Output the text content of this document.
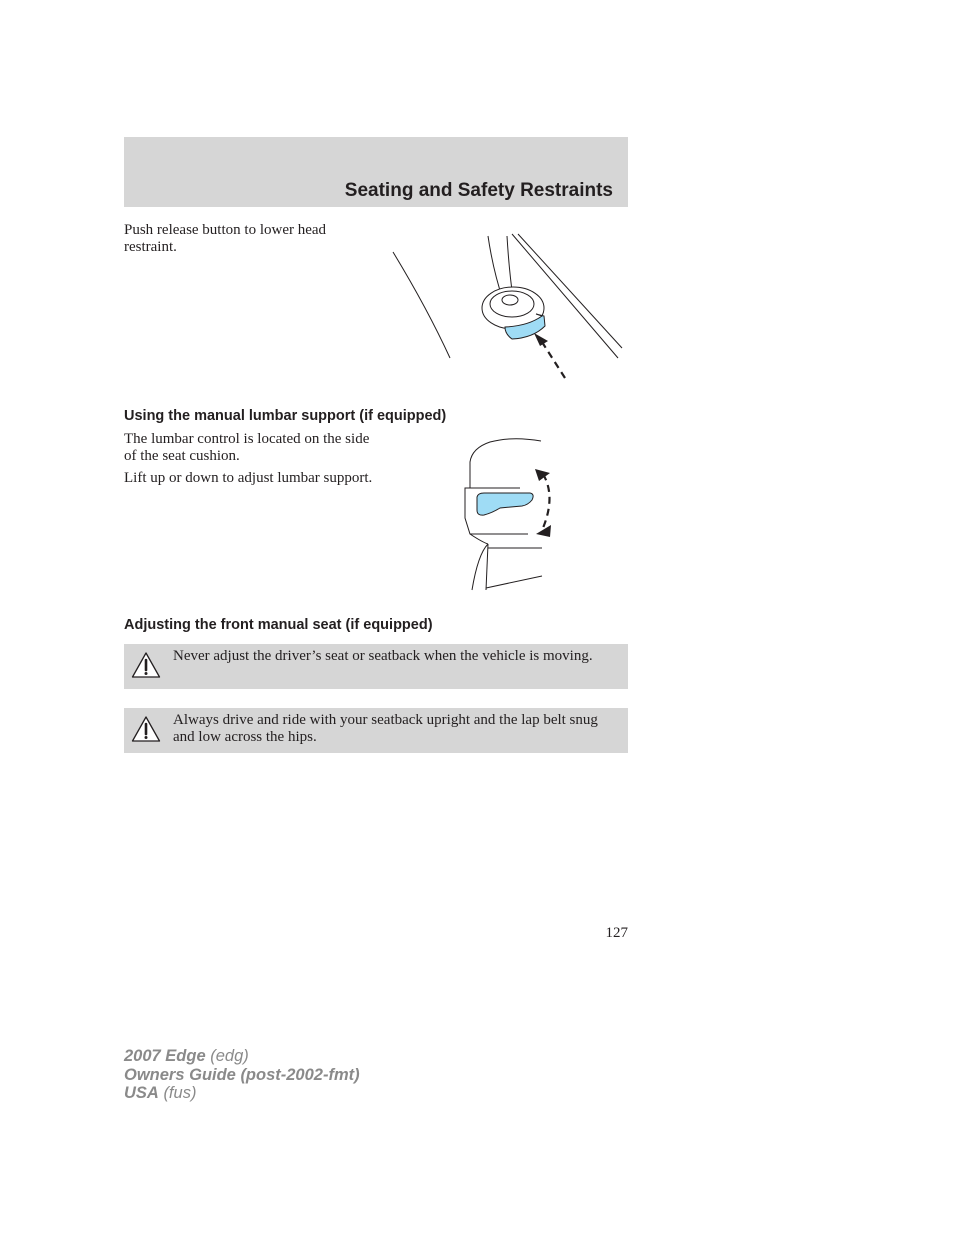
Seating and Safety Restraints
Push release button to lower head restraint.
Using the manual lumbar support (if equipped)
The lumbar control is located on the side of the seat cushion.
Lift up or down to adjust lumbar support.
Adjusting the front manual seat (if equipped)
Never adjust the driver’s seat or seatback when the vehicle is moving.
Always drive and ride with your seatback upright and the lap belt snug and low across the hips.
127
2007 Edge (edg)
Owners Guide (post-2002-fmt)
USA (fus)
